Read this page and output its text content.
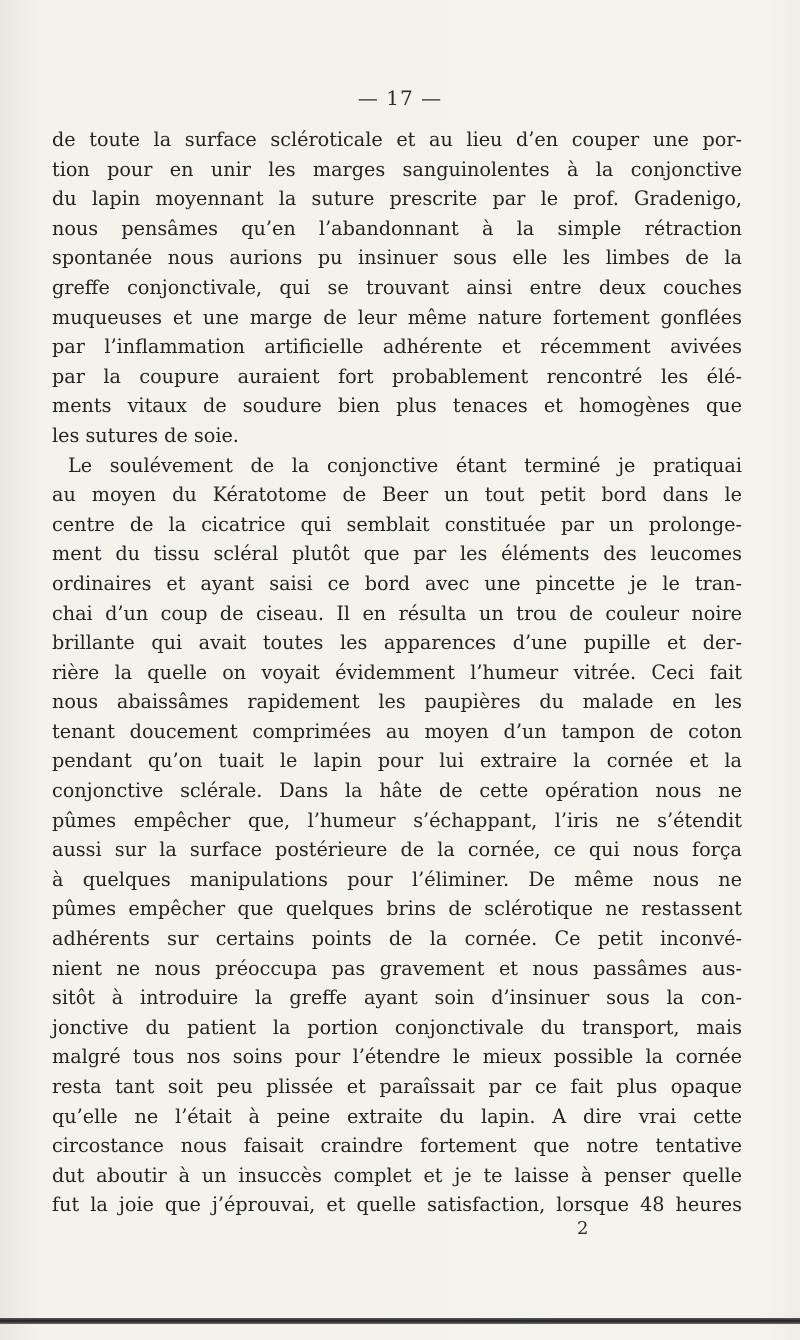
— 17 —
de toute la surface scléroticale et au lieu d’en couper une por-
tion pour en unir les marges sanguinolentes à la conjonctive
du lapin moyennant la suture prescrite par le prof. Gradenigo,
nous pensâmes qu’en l’abandonnant à la simple rétraction
spontanée nous aurions pu insinuer sous elle les limbes de la
greffe conjonctivale, qui se trouvant ainsi entre deux couches
muqueuses et une marge de leur même nature fortement gonflées
par l’inflammation artificielle adhérente et récemment avivées
par la coupure auraient fort probablement rencontré les élé-
ments vitaux de soudure bien plus tenaces et homogènes que
les sutures de soie.
Le soulévement de la conjonctive étant terminé je pratiquai
au moyen du Kératotome de Beer un tout petit bord dans le
centre de la cicatrice qui semblait constituée par un prolonge-
ment du tissu scléral plutôt que par les éléments des leucomes
ordinaires et ayant saisi ce bord avec une pincette je le tran-
chai d’un coup de ciseau. Il en résulta un trou de couleur noire
brillante qui avait toutes les apparences d’une pupille et der-
rière la quelle on voyait évidemment l’humeur vitrée. Ceci fait
nous abaissâmes rapidement les paupières du malade en les
tenant doucement comprimées au moyen d’un tampon de coton
pendant qu’on tuait le lapin pour lui extraire la cornée et la
conjonctive sclérale. Dans la hâte de cette opération nous ne
pûmes empêcher que, l’humeur s’échappant, l’iris ne s’étendit
aussi sur la surface postérieure de la cornée, ce qui nous força
à quelques manipulations pour l’éliminer. De même nous ne
pûmes empêcher que quelques brins de sclérotique ne restassent
adhérents sur certains points de la cornée. Ce petit inconvé-
nient ne nous préoccupa pas gravement et nous passâmes aus-
sitôt à introduire la greffe ayant soin d’insinuer sous la con-
jonctive du patient la portion conjonctivale du transport, mais
malgré tous nos soins pour l’étendre le mieux possible la cornée
resta tant soit peu plissée et paraîssait par ce fait plus opaque
qu’elle ne l’était à peine extraite du lapin. A dire vrai cette
circostance nous faisait craindre fortement que notre tentative
dut aboutir à un insuccès complet et je te laisse à penser quelle
fut la joie que j’éprouvai, et quelle satisfaction, lorsque 48 heures
2
